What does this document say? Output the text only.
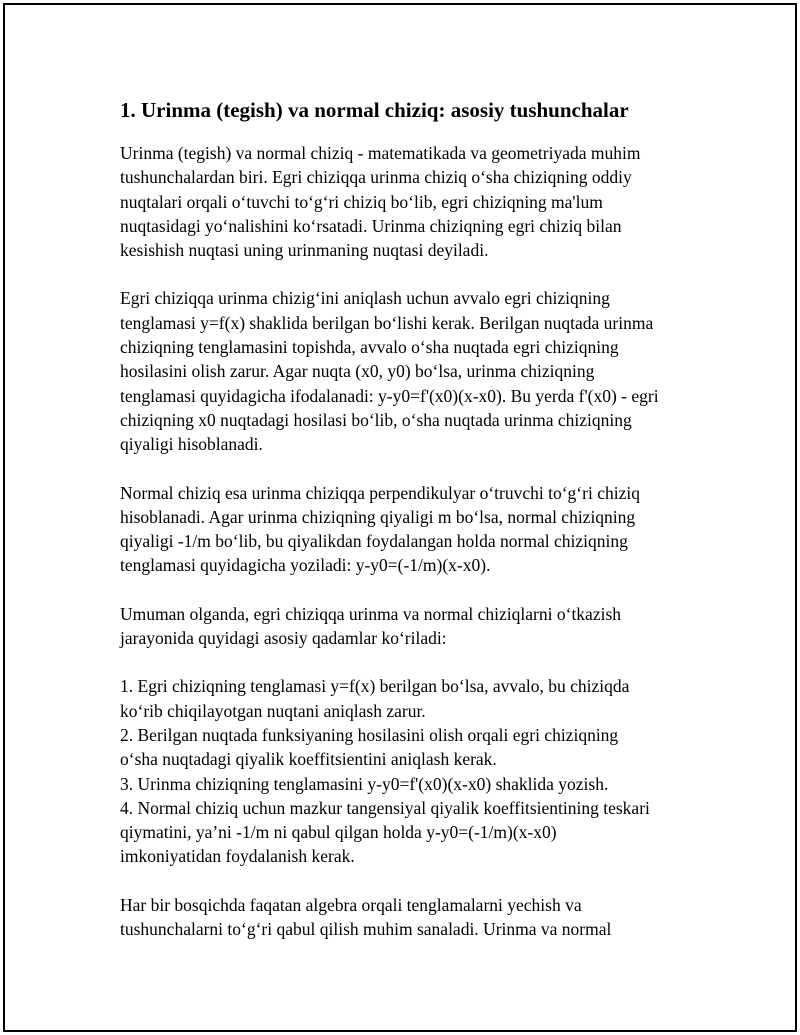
1. Urinma (tegish) va normal chiziq: asosiy tushunchalar

Urinma (tegish) va normal chiziq - matematikada va geometriyada muhim
tushunchalardan biri. Egri chiziqqa urinma chiziq o‘sha chiziqning oddiy
nuqtalari orqali o‘tuvchi to‘g‘ri chiziq bo‘lib, egri chiziqning ma'lum
nuqtasidagi yo‘nalishini ko‘rsatadi. Urinma chiziqning egri chiziq bilan
kesishish nuqtasi uning urinmaning nuqtasi deyiladi.

Egri chiziqqa urinma chizig‘ini aniqlash uchun avvalo egri chiziqning
tenglamasi y=f(x) shaklida berilgan bo‘lishi kerak. Berilgan nuqtada urinma
chiziqning tenglamasini topishda, avvalo o‘sha nuqtada egri chiziqning
hosilasini olish zarur. Agar nuqta (x0, y0) bo‘lsa, urinma chiziqning
tenglamasi quyidagicha ifodalanadi: y-y0=f'(x0)(x-x0). Bu yerda f'(x0) - egri
chiziqning x0 nuqtadagi hosilasi bo‘lib, o‘sha nuqtada urinma chiziqning
qiyaligi hisoblanadi.

Normal chiziq esa urinma chiziqqa perpendikulyar o‘truvchi to‘g‘ri chiziq
hisoblanadi. Agar urinma chiziqning qiyaligi m bo‘lsa, normal chiziqning
qiyaligi -1/m bo‘lib, bu qiyalikdan foydalangan holda normal chiziqning
tenglamasi quyidagicha yoziladi: y-y0=(-1/m)(x-x0).

Umuman olganda, egri chiziqqa urinma va normal chiziqlarni o‘tkazish
jarayonida quyidagi asosiy qadamlar ko‘riladi:

1. Egri chiziqning tenglamasi y=f(x) berilgan bo‘lsa, avvalo, bu chiziqda
ko‘rib chiqilayotgan nuqtani aniqlash zarur.
2. Berilgan nuqtada funksiyaning hosilasini olish orqali egri chiziqning
o‘sha nuqtadagi qiyalik koeffitsientini aniqlash kerak.
3. Urinma chiziqning tenglamasini y-y0=f'(x0)(x-x0) shaklida yozish.
4. Normal chiziq uchun mazkur tangensiyal qiyalik koeffitsientining teskari
qiymatini, ya’ni -1/m ni qabul qilgan holda y-y0=(-1/m)(x-x0)
imkoniyatidan foydalanish kerak.

Har bir bosqichda faqatan algebra orqali tenglamalarni yechish va
tushunchalarni to‘g‘ri qabul qilish muhim sanaladi. Urinma va normal
